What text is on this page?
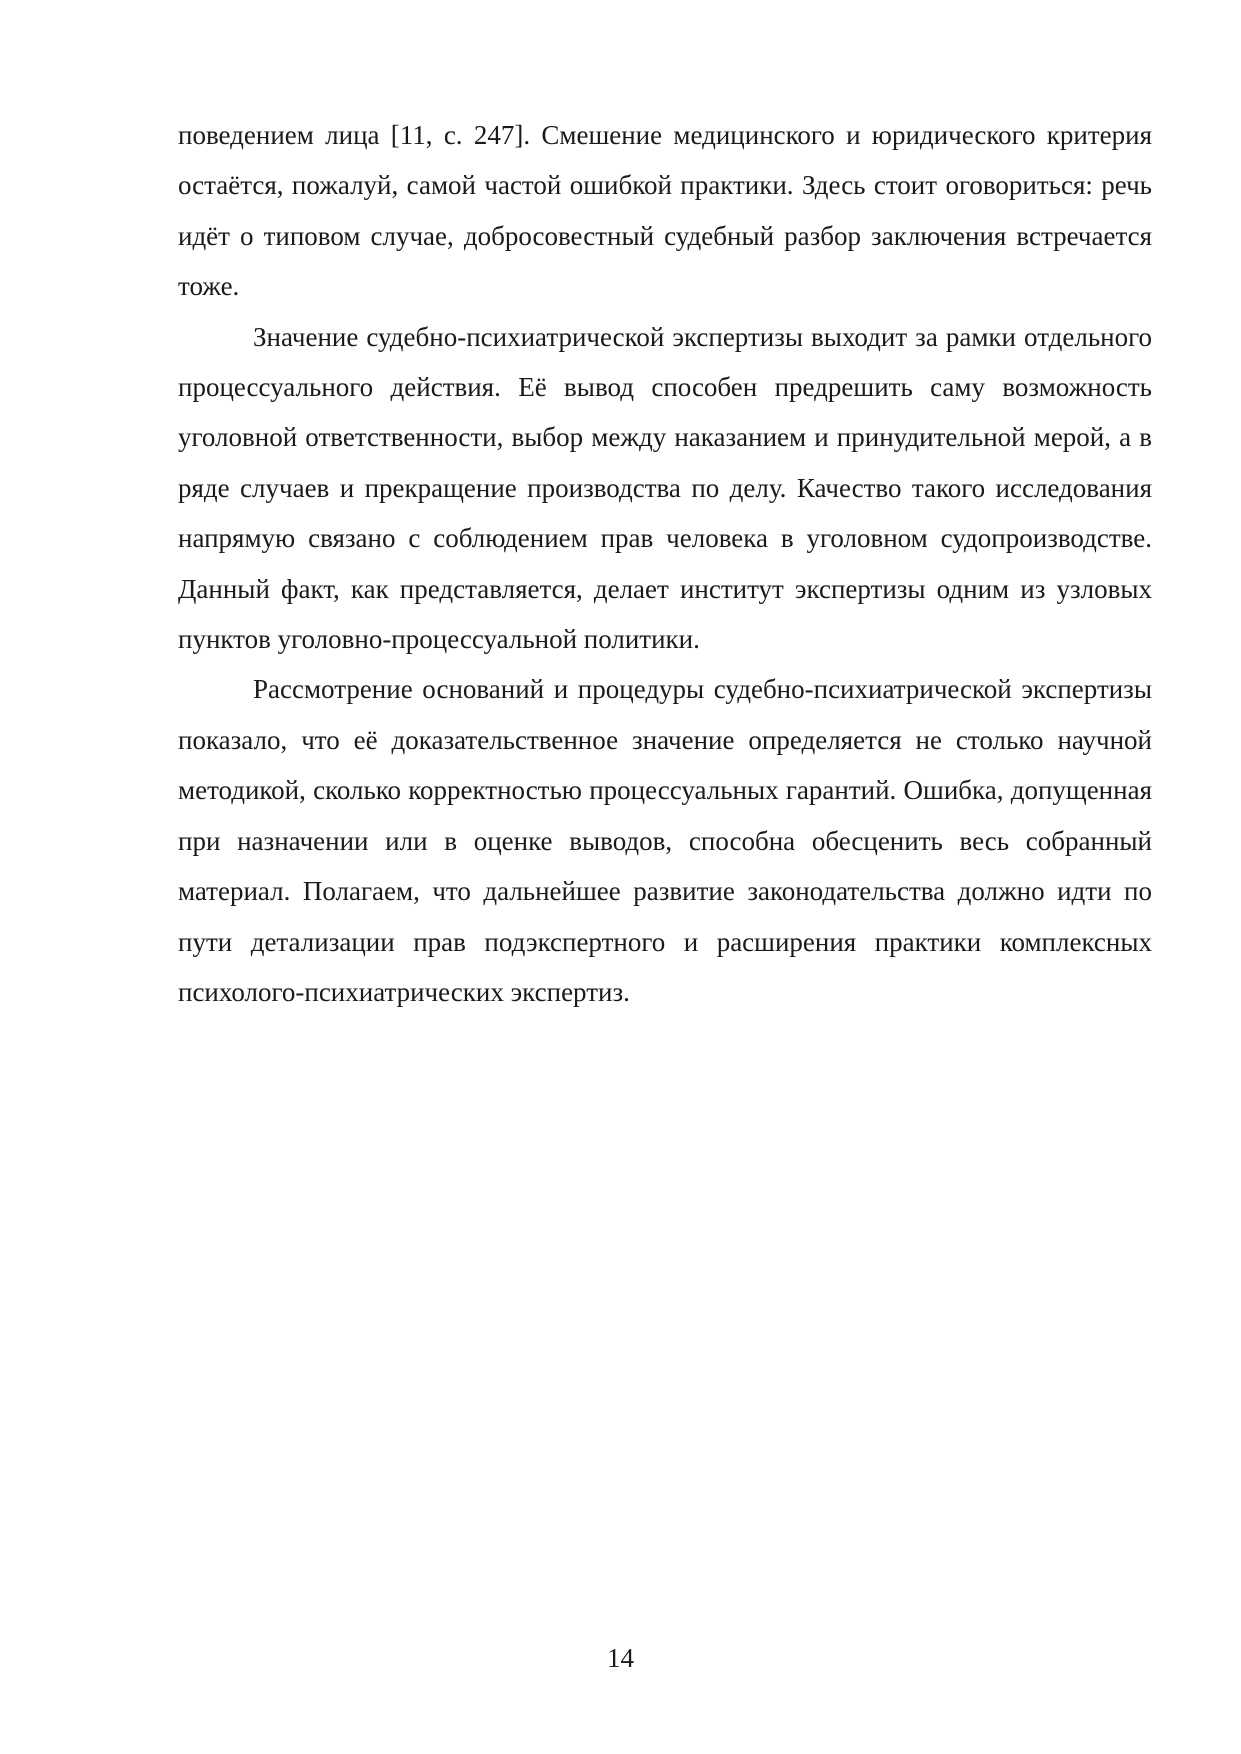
поведением лица [11, с. 247]. Смешение медицинского и юридического критерия остаётся, пожалуй, самой частой ошибкой практики. Здесь стоит оговориться: речь идёт о типовом случае, добросовестный судебный разбор заключения встречается тоже.

Значение судебно-психиатрической экспертизы выходит за рамки отдельного процессуального действия. Её вывод способен предрешить саму возможность уголовной ответственности, выбор между наказанием и принудительной мерой, а в ряде случаев и прекращение производства по делу. Качество такого исследования напрямую связано с соблюдением прав человека в уголовном судопроизводстве. Данный факт, как представляется, делает институт экспертизы одним из узловых пунктов уголовно-процессуальной политики.

Рассмотрение оснований и процедуры судебно-психиатрической экспертизы показало, что её доказательственное значение определяется не столько научной методикой, сколько корректностью процессуальных гарантий. Ошибка, допущенная при назначении или в оценке выводов, способна обесценить весь собранный материал. Полагаем, что дальнейшее развитие законодательства должно идти по пути детализации прав подэкспертного и расширения практики комплексных психолого-психиатрических экспертиз.

14
